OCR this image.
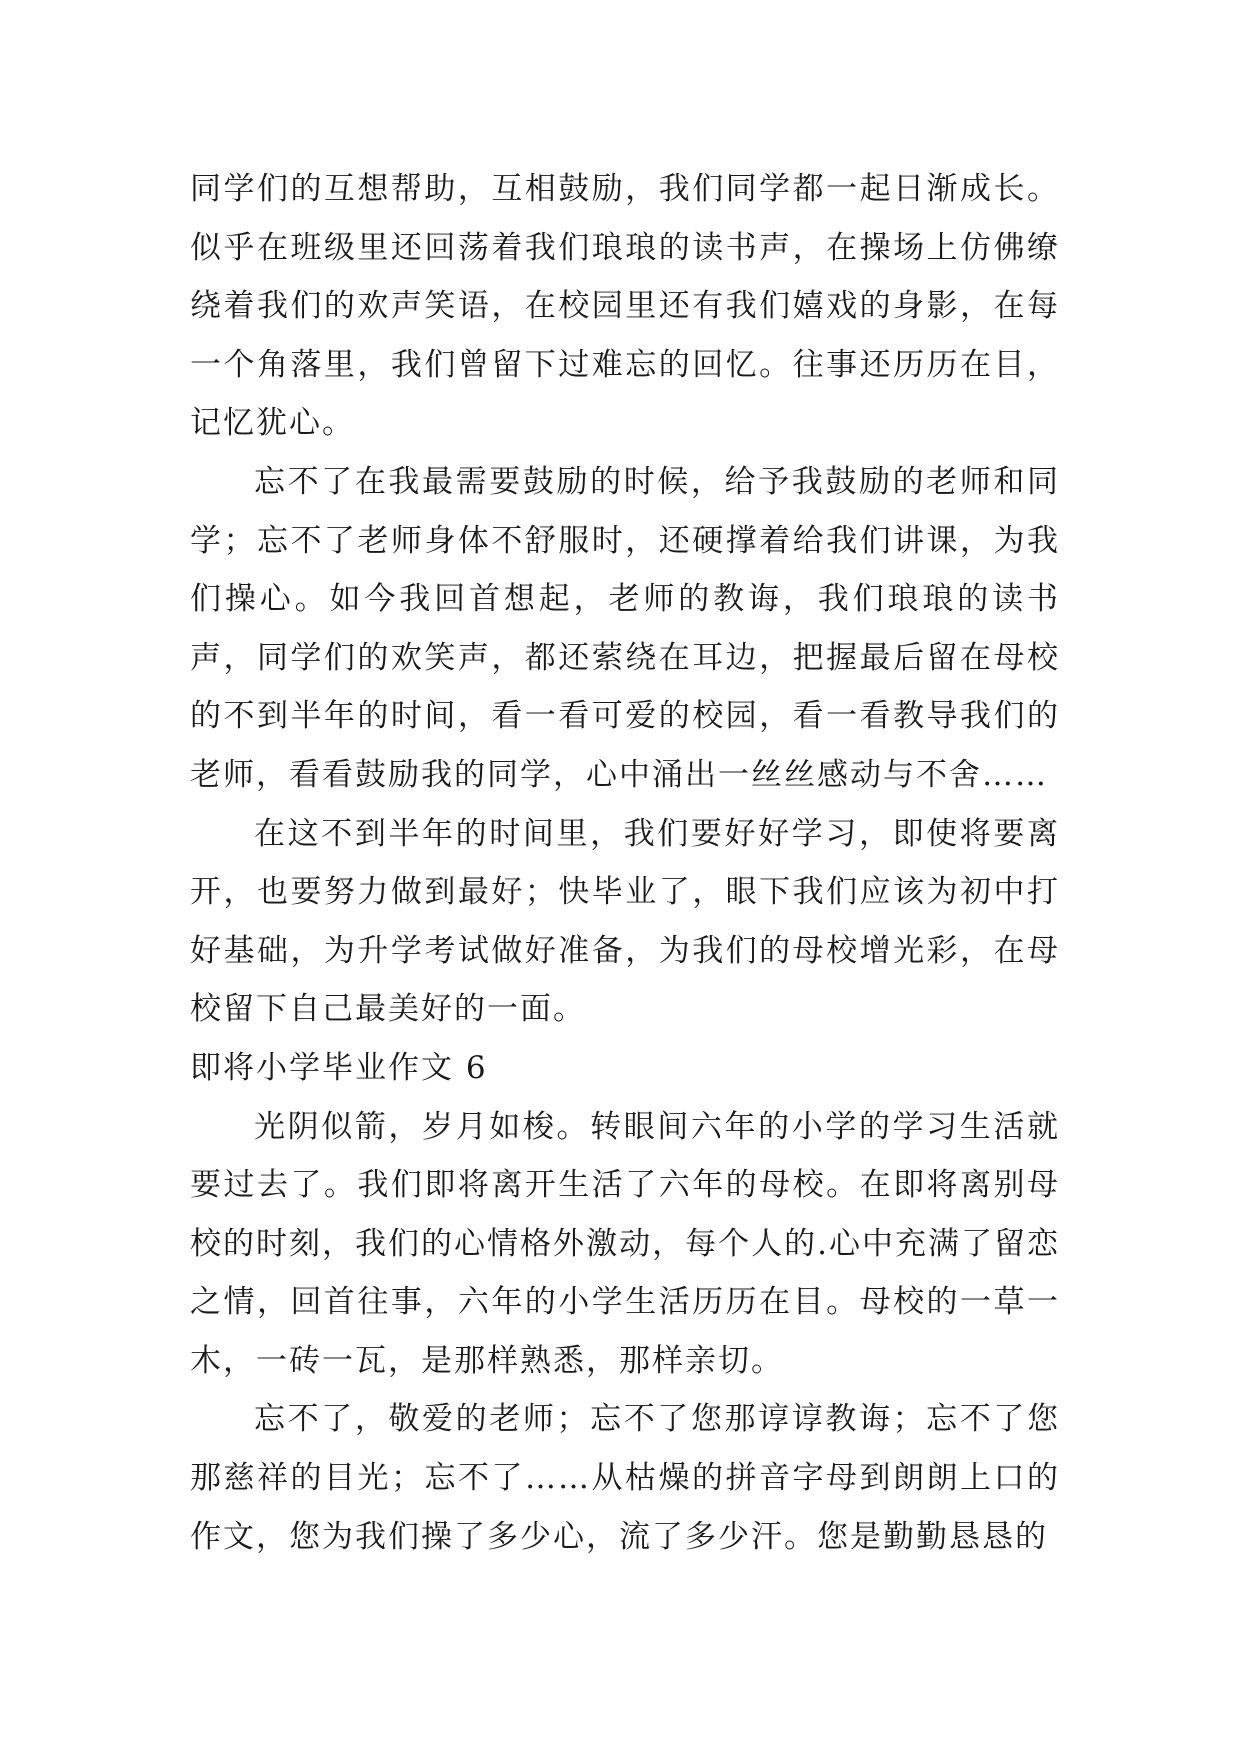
同学们的互想帮助，互相鼓励，我们同学都一起日渐成长。似乎在班级里还回荡着我们琅琅的读书声，在操场上仿佛缭绕着我们的欢声笑语，在校园里还有我们嬉戏的身影，在每一个角落里，我们曾留下过难忘的回忆。往事还历历在目，记忆犹心。

忘不了在我最需要鼓励的时候，给予我鼓励的老师和同学；忘不了老师身体不舒服时，还硬撑着给我们讲课，为我们操心。如今我回首想起，老师的教诲，我们琅琅的读书声，同学们的欢笑声，都还萦绕在耳边，把握最后留在母校的不到半年的时间，看一看可爱的校园，看一看教导我们的老师，看看鼓励我的同学，心中涌出一丝丝感动与不舍……

在这不到半年的时间里，我们要好好学习，即使将要离开，也要努力做到最好；快毕业了，眼下我们应该为初中打好基础，为升学考试做好准备，为我们的母校增光彩，在母校留下自己最美好的一面。

即将小学毕业作文 6

光阴似箭，岁月如梭。转眼间六年的小学的学习生活就要过去了。我们即将离开生活了六年的母校。在即将离别母校的时刻，我们的心情格外激动，每个人的.心中充满了留恋之情，回首往事，六年的小学生活历历在目。母校的一草一木，一砖一瓦，是那样熟悉，那样亲切。

忘不了，敬爱的老师；忘不了您那谆谆教诲；忘不了您那慈祥的目光；忘不了……从枯燥的拼音字母到朗朗上口的作文，您为我们操了多少心，流了多少汗。您是勤勤恳恳的
